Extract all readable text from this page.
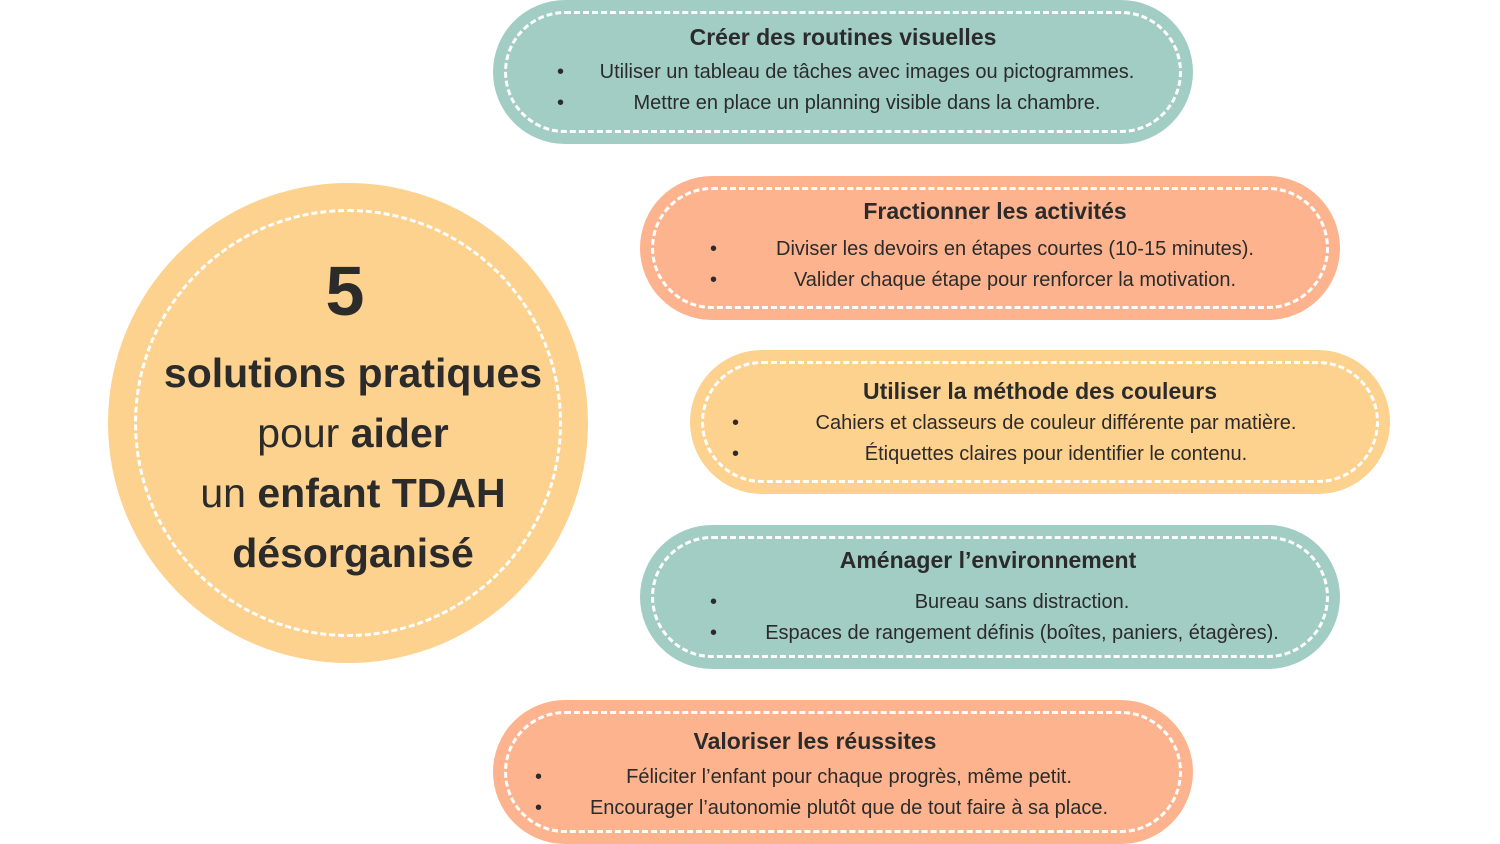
5
solutions pratiques
pour aider
un enfant TDAH
désorganisé
Créer des routines visuelles
• Utiliser un tableau de tâches avec images ou pictogrammes.
•	Mettre en place un planning visible dans la chambre.
Fractionner les activités
•	Diviser les devoirs en étapes courtes (10-15 minutes).
•	Valider chaque étape pour renforcer la motivation.
Utiliser la méthode des couleurs
•	Cahiers et classeurs de couleur différente par matière.
•	Étiquettes claires pour identifier le contenu.
Aménager l’environnement
•	Bureau sans distraction.
• Espaces de rangement définis (boîtes, paniers, étagères).
Valoriser les réussites
•	Féliciter l’enfant pour chaque progrès, même petit.
• Encourager l’autonomie plutôt que de tout faire à sa place.
